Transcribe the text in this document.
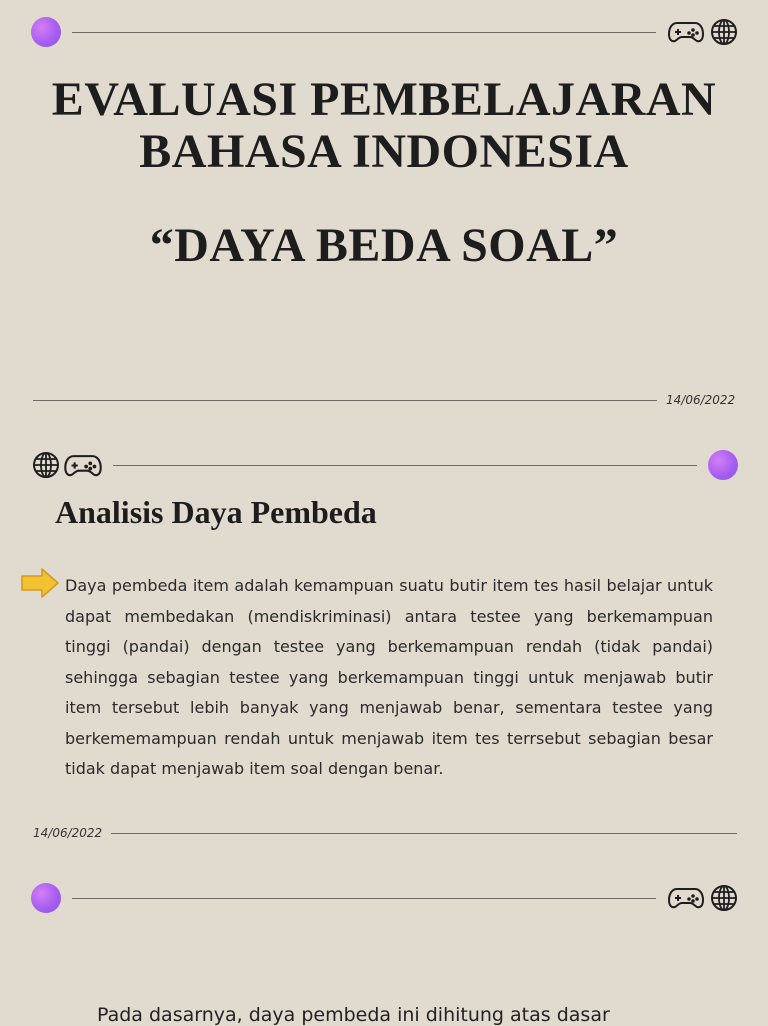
EVALUASI PEMBELAJARAN
BAHASA INDONESIA
“DAYA BEDA SOAL”
14/06/2022
Analisis Daya Pembeda
Daya pembeda item adalah kemampuan suatu butir item tes hasil belajar untuk dapat membedakan (mendiskriminasi) antara testee yang berkemampuan tinggi (pandai) dengan testee yang berkemampuan rendah (tidak pandai) sehingga sebagian testee yang berkemampuan tinggi untuk menjawab butir item tersebut lebih banyak yang menjawab benar, sementara testee yang berkememampuan rendah untuk menjawab item tes terrsebut sebagian besar tidak dapat menjawab item soal dengan benar.
14/06/2022
Pada dasarnya, daya pembeda ini dihitung atas dasar
